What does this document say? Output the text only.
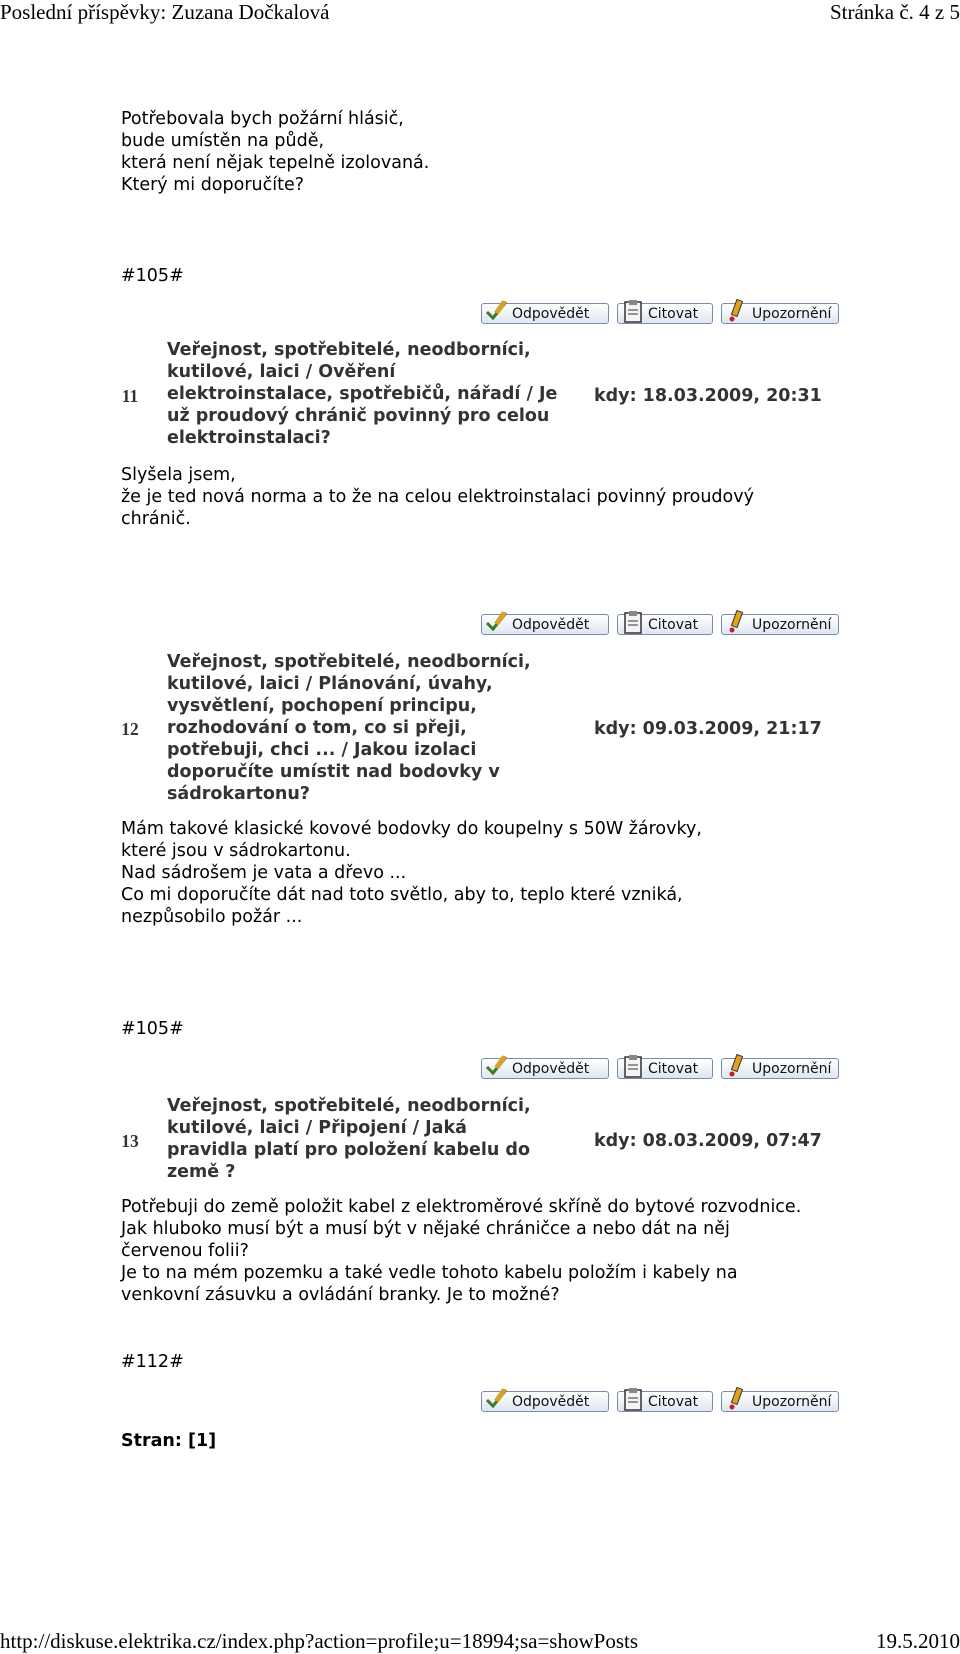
Poslední příspěvky: Zuzana Dočkalová	Stránka č. 4 z 5
Potřebovala bych požární hlásič,
bude umístěn na půdě,
která není nějak tepelně izolovaná.
Který mi doporučíte?
#105#
Odpovědět	Citovat	Upozornění
Veřejnost, spotřebitelé, neodborníci,
kutilové, laici / Ověření
elektroinstalace, spotřebičů, nářadí / Je
už proudový chránič povinný pro celou
elektroinstalaci?
11	kdy: 18.03.2009, 20:31
Slyšela jsem,
že je ted nová norma a to že na celou elektroinstalaci povinný proudový
chránič.
Odpovědět	Citovat	Upozornění
Veřejnost, spotřebitelé, neodborníci,
kutilové, laici / Plánování, úvahy,
vysvětlení, pochopení principu,
rozhodování o tom, co si přeji,
potřebuji, chci ... / Jakou izolaci
doporučíte umístit nad bodovky v
sádrokartonu?
12	kdy: 09.03.2009, 21:17
Mám takové klasické kovové bodovky do koupelny s 50W žárovky,
které jsou v sádrokartonu.
Nad sádrošem je vata a dřevo ...
Co mi doporučíte dát nad toto světlo, aby to, teplo které vzniká,
nezpůsobilo požár ...
#105#
Odpovědět	Citovat	Upozornění
Veřejnost, spotřebitelé, neodborníci,
kutilové, laici / Připojení / Jaká
pravidla platí pro položení kabelu do
země ?
13	kdy: 08.03.2009, 07:47
Potřebuji do země položit kabel z elektroměrové skříně do bytové rozvodnice.
Jak hluboko musí být a musí být v nějaké chráničce a nebo dát na něj
červenou folii?
Je to na mém pozemku a také vedle tohoto kabelu položím i kabely na
venkovní zásuvku a ovládání branky. Je to možné?
#112#
Odpovědět	Citovat	Upozornění
Stran: [1]
http://diskuse.elektrika.cz/index.php?action=profile;u=18994;sa=showPosts	19.5.2010
